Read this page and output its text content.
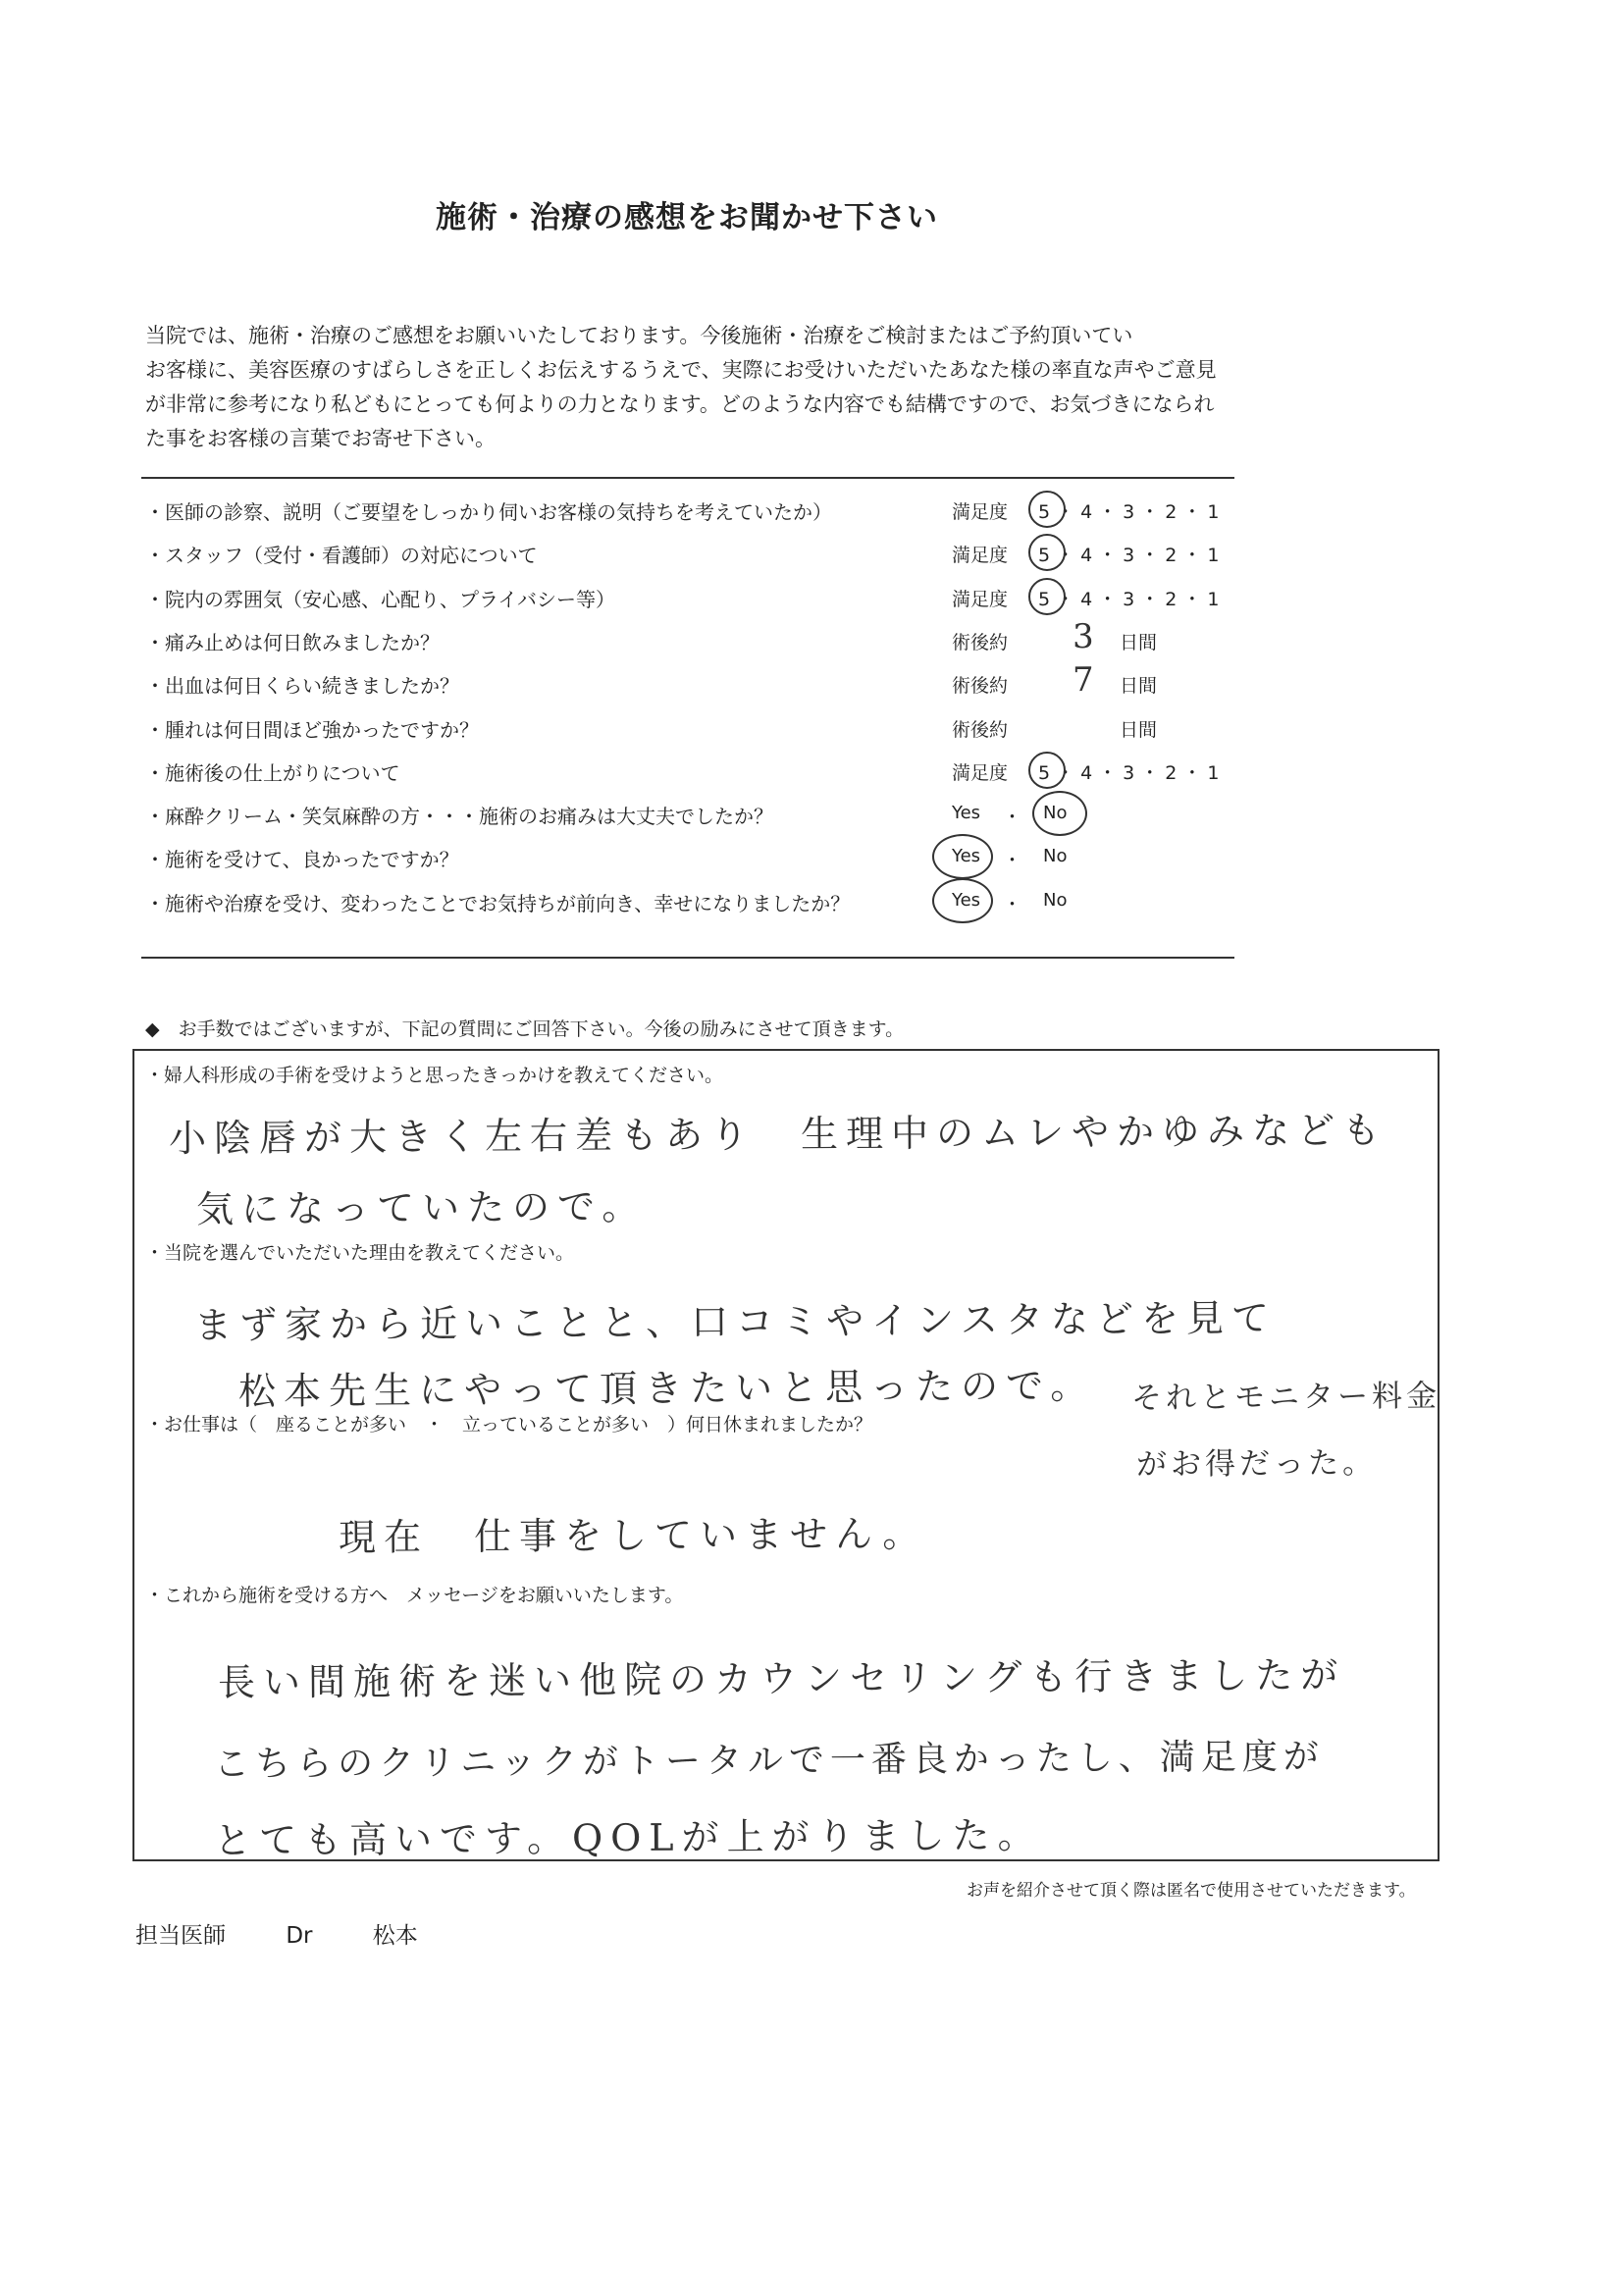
施術・治療の感想をお聞かせ下さい
当院では、施術・治療のご感想をお願いいたしております。今後施術・治療をご検討またはご予約頂いてい
お客様に、美容医療のすばらしさを正しくお伝えするうえで、実際にお受けいただいたあなた様の率直な声やご意見
が非常に参考になり私どもにとっても何よりの力となります。どのような内容でも結構ですので、お気づきになられ
た事をお客様の言葉でお寄せ下さい。
・医師の診察、説明（ご要望をしっかり伺いお客様の気持ちを考えていたか）	満足度 5・4・3・2・1
・スタッフ（受付・看護師）の対応について	満足度 5・4・3・2・1
・院内の雰囲気（安心感、心配り、プライバシー等）	満足度 5・4・3・2・1
・痛み止めは何日飲みましたか？	術後約 3 日間
・出血は何日くらい続きましたか？	術後約 7 日間
・腫れは何日間ほど強かったですか？	術後約	日間
・施術後の仕上がりについて	満足度 5・4・3・2・1
・麻酔クリーム・笑気麻酔の方・・・施術のお痛みは大丈夫でしたか？	Yes ・ No
・施術を受けて、良かったですか？	Yes ・ No
・施術や治療を受け、変わったことでお気持ちが前向き、幸せになりましたか？	Yes ・ No
◆　お手数ではございますが、下記の質問にご回答下さい。今後の励みにさせて頂きます。
・婦人科形成の手術を受けようと思ったきっかけを教えてください。
小陰唇が大きく左右差もあり　生理中のムレやかゆみなども
気になっていたので。
・当院を選んでいただいた理由を教えてください。
まず家から近いことと、口コミやインスタなどを見て
松本先生にやって頂きたいと思ったので。 それとモニター料金
がお得だった。
・お仕事は（　座ることが多い　・　立っていることが多い　）何日休まれましたか？
現在　仕事をしていません。
・これから施術を受ける方へ　メッセージをお願いいたします。
長い間施術を迷い他院のカウンセリングも行きましたが
こちらのクリニックがトータルで一番良かったし、満足度が
とても高いです。QOLが上がりました。
お声を紹介させて頂く際は匿名で使用させていただきます。
担当医師	Dr	松本
